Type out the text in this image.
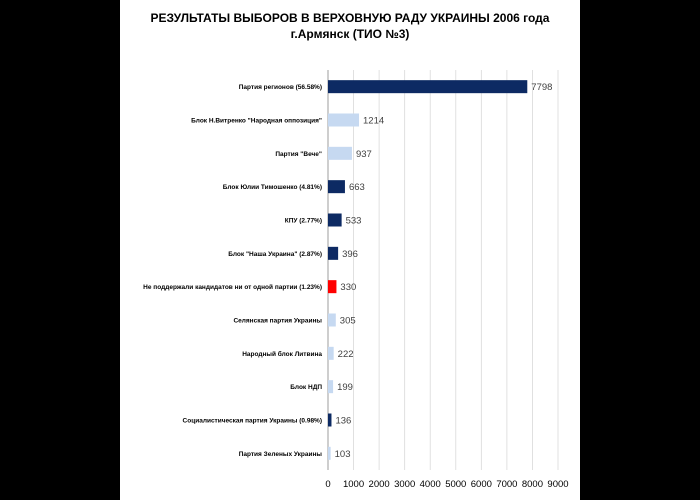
РЕЗУЛЬТАТЫ ВЫБОРОВ В ВЕРХОВНУЮ РАДУ УКРАИНЫ 2006 года
г.Армянск (ТИО №3)
Партия регионов (56.58%)	7798
Блок Н.Витренко "Народная оппозиция"	1214
Партия "Вече"	937
Блок Юлии Тимошенко (4.81%)	663
КПУ (2.77%) 533
Блок "Наша Украина" (2.87%) 396
Не поддержали кандидатов ни от одной партии (1.23%) 330
Селянская партия Украины 305
Народный блок Литвина 222
Блок НДП 199
Социалистическая партия Украины (0.98%) 136
Партия Зеленых Украины 103
0 1000 2000 3000 4000 5000 6000 7000 8000 9000
